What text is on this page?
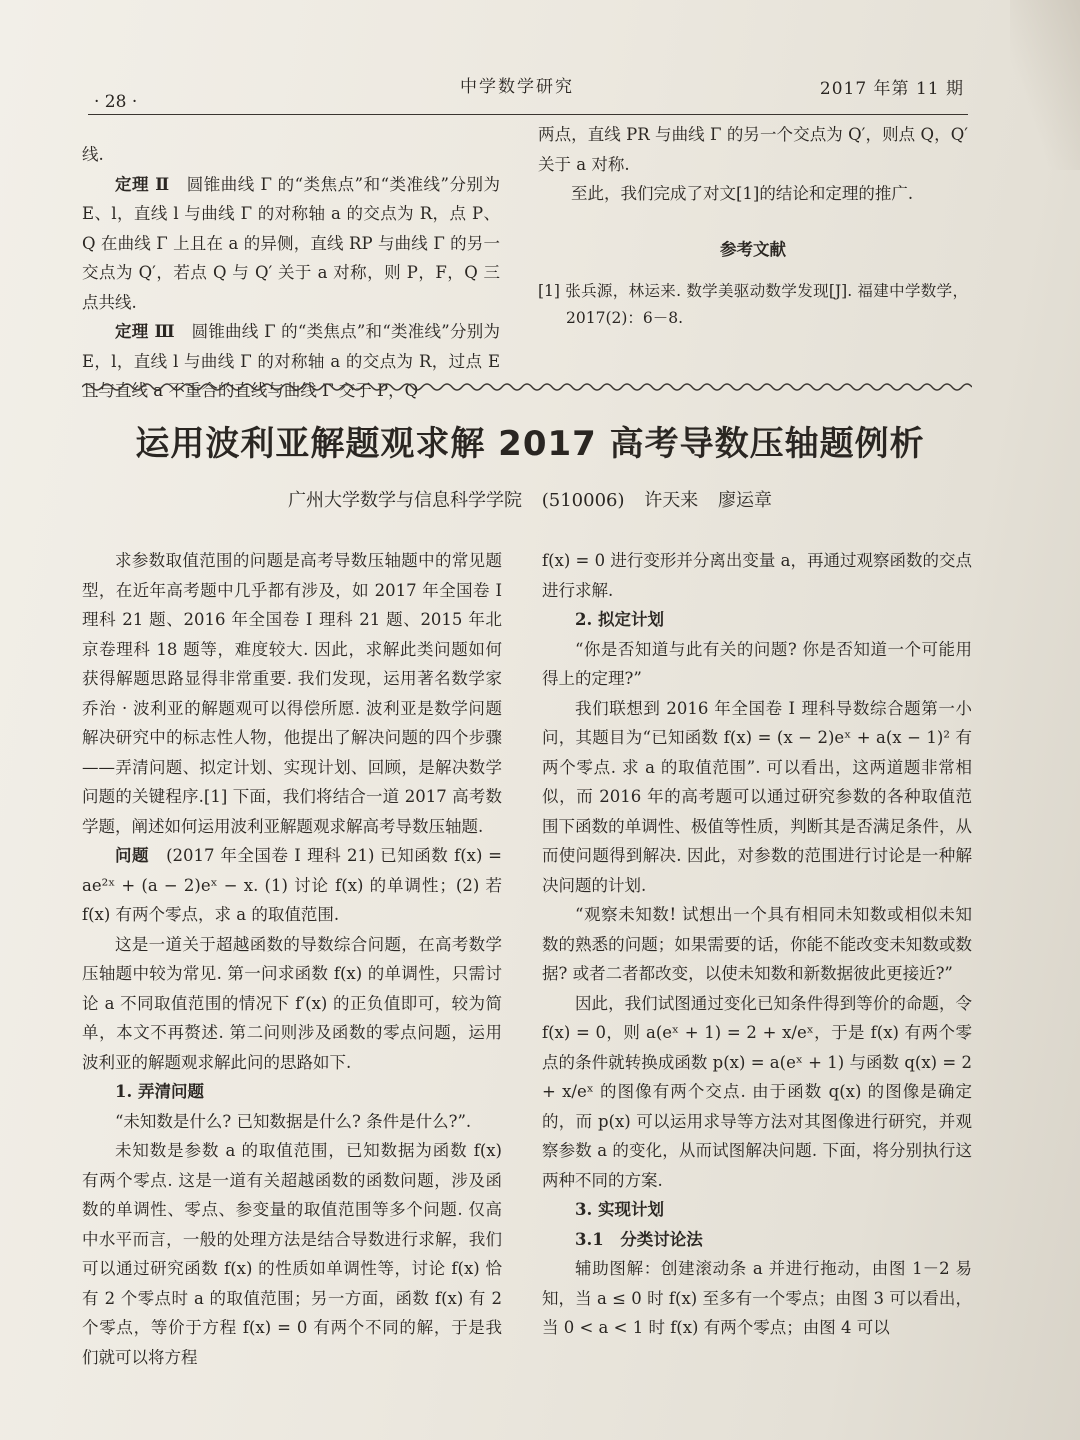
· 28 ·
中学数学研究	2017 年第 11 期

线.

定理 Ⅱ　 圆锥曲线 Γ 的“类焦点”和“类准线”分别为 E、l，直线 l 与曲线 Γ 的对称轴 a 的交点为 R，点 P、Q 在曲线 Γ 上且在 a 的异侧，直线 RP 与曲线 Γ 的另一交点为 Q′，若点 Q 与 Q′ 关于 a 对称，则 P，F，Q 三点共线.

定理 Ⅲ　 圆锥曲线 Γ 的“类焦点”和“类准线”分别为 E，l，直线 l 与曲线 Γ 的对称轴 a 的交点为 R，过点 E 且与直线 a 不重合的直线与曲线 Γ 交于 P，Q

两点，直线 PR 与曲线 Γ 的另一个交点为 Q′，则点 Q，Q′ 关于 a 对称.

至此，我们完成了对文[1]的结论和定理的推广.

参考文献

[1] 张兵源，林运来. 数学美驱动数学发现[J]. 福建中学数学，2017(2)：6－8.

运用波利亚解题观求解 2017 高考导数压轴题例析
广州大学数学与信息科学学院 (510006) 许天来 廖运章

求参数取值范围的问题是高考导数压轴题中的常见题型，在近年高考题中几乎都有涉及，如 2017 年全国卷 Ⅰ 理科 21 题、2016 年全国卷 Ⅰ 理科 21 题、2015 年北京卷理科 18 题等，难度较大. 因此，求解此类问题如何获得解题思路显得非常重要. 我们发现，运用著名数学家乔治 · 波利亚的解题观可以得偿所愿. 波利亚是数学问题解决研究中的标志性人物，他提出了解决问题的四个步骤——弄清问题、拟定计划、实现计划、回顾，是解决数学问题的关键程序.[1] 下面，我们将结合一道 2017 高考数学题，阐述如何运用波利亚解题观求解高考导数压轴题.

问题　 (2017 年全国卷 Ⅰ 理科 21) 已知函数 f(x) = ae²ˣ + (a − 2)eˣ − x. (1) 讨论 f(x) 的单调性；(2) 若 f(x) 有两个零点，求 a 的取值范围.

这是一道关于超越函数的导数综合问题，在高考数学压轴题中较为常见. 第一问求函数 f(x) 的单调性，只需讨论 a 不同取值范围的情况下 f′(x) 的正负值即可，较为简单，本文不再赘述. 第二问则涉及函数的零点问题，运用波利亚的解题观求解此问的思路如下.

1. 弄清问题

“未知数是什么? 已知数据是什么? 条件是什么?”.

未知数是参数 a 的取值范围，已知数据为函数 f(x) 有两个零点. 这是一道有关超越函数的函数问题，涉及函数的单调性、零点、参变量的取值范围等多个问题. 仅高中水平而言，一般的处理方法是结合导数进行求解，我们可以通过研究函数 f(x) 的性质如单调性等，讨论 f(x) 恰有 2 个零点时 a 的取值范围；另一方面，函数 f(x) 有 2 个零点，等价于方程 f(x) = 0 有两个不同的解，于是我们就可以将方程

f(x) = 0 进行变形并分离出变量 a，再通过观察函数的交点进行求解.

2. 拟定计划

“你是否知道与此有关的问题? 你是否知道一个可能用得上的定理?”

我们联想到 2016 年全国卷 Ⅰ 理科导数综合题第一小问，其题目为“已知函数 f(x) = (x − 2)eˣ + a(x − 1)² 有两个零点. 求 a 的取值范围”. 可以看出，这两道题非常相似，而 2016 年的高考题可以通过研究参数的各种取值范围下函数的单调性、极值等性质，判断其是否满足条件，从而使问题得到解决. 因此，对参数的范围进行讨论是一种解决问题的计划.

“观察未知数! 试想出一个具有相同未知数或相似未知数的熟悉的问题；如果需要的话，你能不能改变未知数或数据? 或者二者都改变，以使未知数和新数据彼此更接近?”

因此，我们试图通过变化已知条件得到等价的命题，令 f(x) = 0，则 a(eˣ + 1) = 2 + x/eˣ，于是 f(x) 有两个零点的条件就转换成函数 p(x) = a(eˣ + 1) 与函数 q(x) = 2 + x/eˣ 的图像有两个交点. 由于函数 q(x) 的图像是确定的，而 p(x) 可以运用求导等方法对其图像进行研究，并观察参数 a 的变化，从而试图解决问题. 下面，将分别执行这两种不同的方案.

3. 实现计划

3.1　分类讨论法

辅助图解：创建滚动条 a 并进行拖动，由图 1－2 易知，当 a ≤ 0 时 f(x) 至多有一个零点；由图 3 可以看出，当 0 < a < 1 时 f(x) 有两个零点；由图 4 可以
